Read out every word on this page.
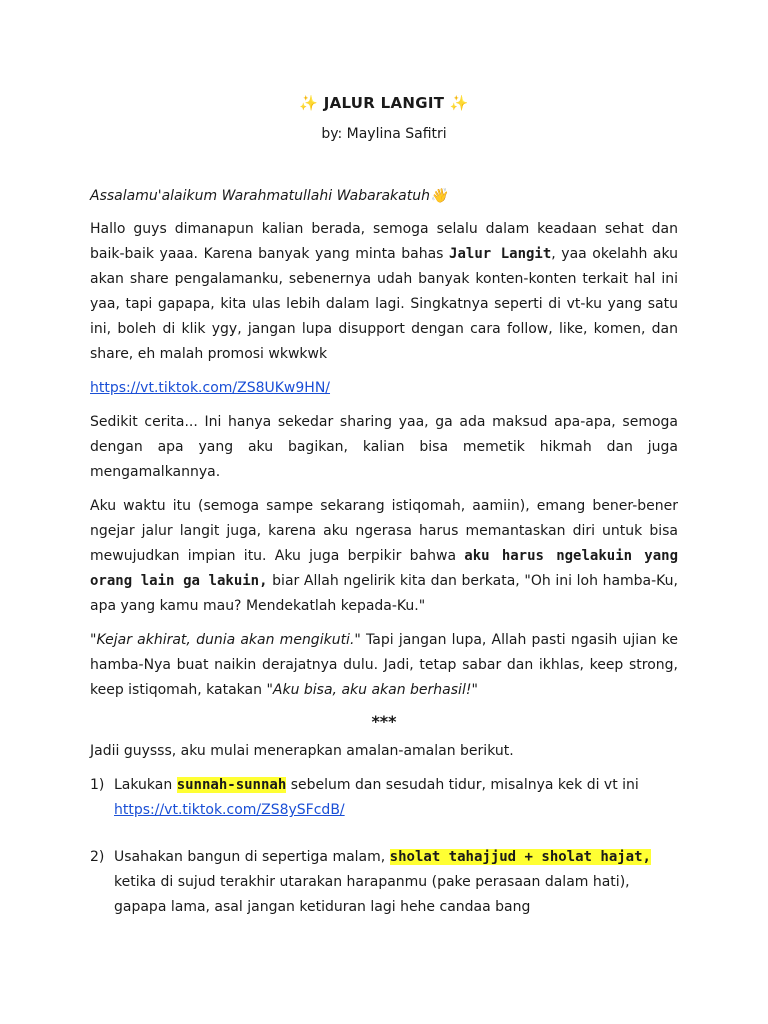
✨ JALUR LANGIT ✨
by: Maylina Safitri

Assalamu'alaikum Warahmatullahi Wabarakatuh👋

Hallo guys dimanapun kalian berada, semoga selalu dalam keadaan sehat dan baik-baik yaaa. Karena banyak yang minta bahas Jalur Langit, yaa okelahh aku akan share pengalamanku, sebenernya udah banyak konten-konten terkait hal ini yaa, tapi gapapa, kita ulas lebih dalam lagi. Singkatnya seperti di vt-ku yang satu ini, boleh di klik ygy, jangan lupa disupport dengan cara follow, like, komen, dan share, eh malah promosi wkwkwk

https://vt.tiktok.com/ZS8UKw9HN/

Sedikit cerita... Ini hanya sekedar sharing yaa, ga ada maksud apa-apa, semoga dengan apa yang aku bagikan, kalian bisa memetik hikmah dan juga mengamalkannya.

Aku waktu itu (semoga sampe sekarang istiqomah, aamiin), emang bener-bener ngejar jalur langit juga, karena aku ngerasa harus memantaskan diri untuk bisa mewujudkan impian itu. Aku juga berpikir bahwa aku harus ngelakuin yang orang lain ga lakuin, biar Allah ngelirik kita dan berkata, "Oh ini loh hamba-Ku, apa yang kamu mau? Mendekatlah kepada-Ku."

"Kejar akhirat, dunia akan mengikuti." Tapi jangan lupa, Allah pasti ngasih ujian ke hamba-Nya buat naikin derajatnya dulu. Jadi, tetap sabar dan ikhlas, keep strong, keep istiqomah, katakan "Aku bisa, aku akan berhasil!"

***

Jadii guysss, aku mulai menerapkan amalan-amalan berikut.

1) Lakukan sunnah-sunnah sebelum dan sesudah tidur, misalnya kek di vt ini https://vt.tiktok.com/ZS8ySFcdB/
2) Usahakan bangun di sepertiga malam, sholat tahajjud + sholat hajat, ketika di sujud terakhir utarakan harapanmu (pake perasaan dalam hati), gapapa lama, asal jangan ketiduran lagi hehe candaa bang
